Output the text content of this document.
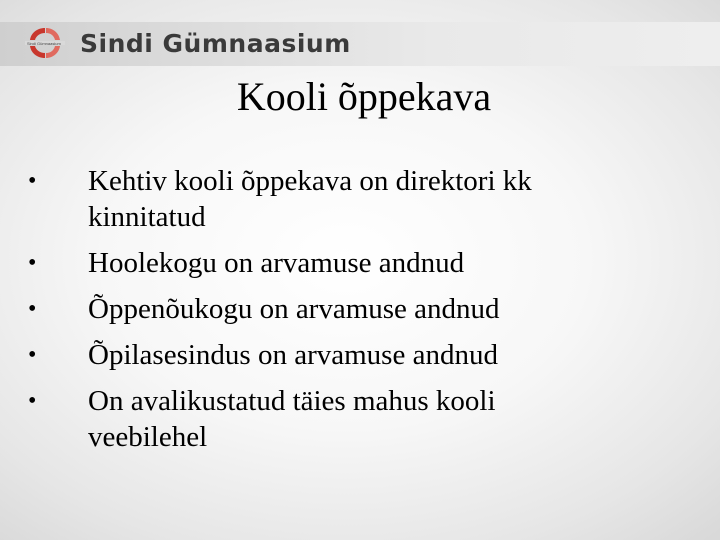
Sindi Gümnaasium Sindi Gümnaasium
Kooli õppekava
• Kehtiv kooli õppekava on direktori kk kinnitatud
• Hoolekogu on arvamuse andnud
• Õppenõukogu on arvamuse andnud
• Õpilasesindus on arvamuse andnud
• On avalikustatud täies mahus kooli veebilehel
